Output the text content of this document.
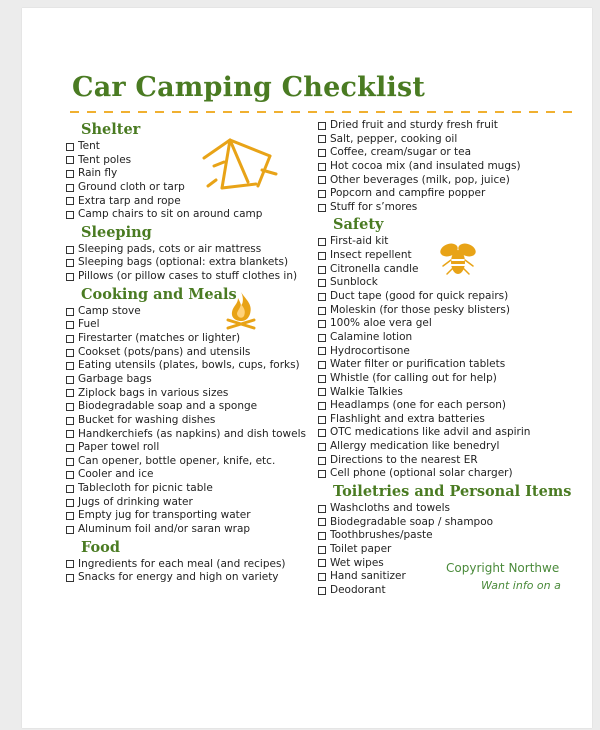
Car Camping Checklist
Shelter
Tent
Tent poles
Rain fly
Ground cloth or tarp
Extra tarp and rope
Camp chairs to sit on around camp
Sleeping
Sleeping pads, cots or air mattress
Sleeping bags (optional: extra blankets)
Pillows (or pillow cases to stuff clothes in)
Cooking and Meals
Camp stove
Fuel
Firestarter (matches or lighter)
Cookset (pots/pans) and utensils
Eating utensils (plates, bowls, cups, forks)
Garbage bags
Ziplock bags in various sizes
Biodegradable soap and a sponge
Bucket for washing dishes
Handkerchiefs (as napkins) and dish towels
Paper towel roll
Can opener, bottle opener, knife, etc.
Cooler and ice
Tablecloth for picnic table
Jugs of drinking water
Empty jug for transporting water
Aluminum foil and/or saran wrap
Food
Ingredients for each meal (and recipes)
Snacks for energy and high on variety
Dried fruit and sturdy fresh fruit
Salt, pepper, cooking oil
Coffee, cream/sugar or tea
Hot cocoa mix (and insulated mugs)
Other beverages (milk, pop, juice)
Popcorn and campfire popper
Stuff for s’mores
Safety
First-aid kit
Insect repellent
Citronella candle
Sunblock
Duct tape (good for quick repairs)
Moleskin (for those pesky blisters)
100% aloe vera gel
Calamine lotion
Hydrocortisone
Water filter or purification tablets
Whistle (for calling out for help)
Walkie Talkies
Headlamps (one for each person)
Flashlight and extra batteries
OTC medications like advil and aspirin
Allergy medication like benedryl
Directions to the nearest ER
Cell phone (optional solar charger)
Toiletries and Personal Items
Washcloths and towels
Biodegradable soap / shampoo
Toothbrushes/paste
Toilet paper
Wet wipes
Hand sanitizer
Deodorant
Copyright Northwe
Want info on a
